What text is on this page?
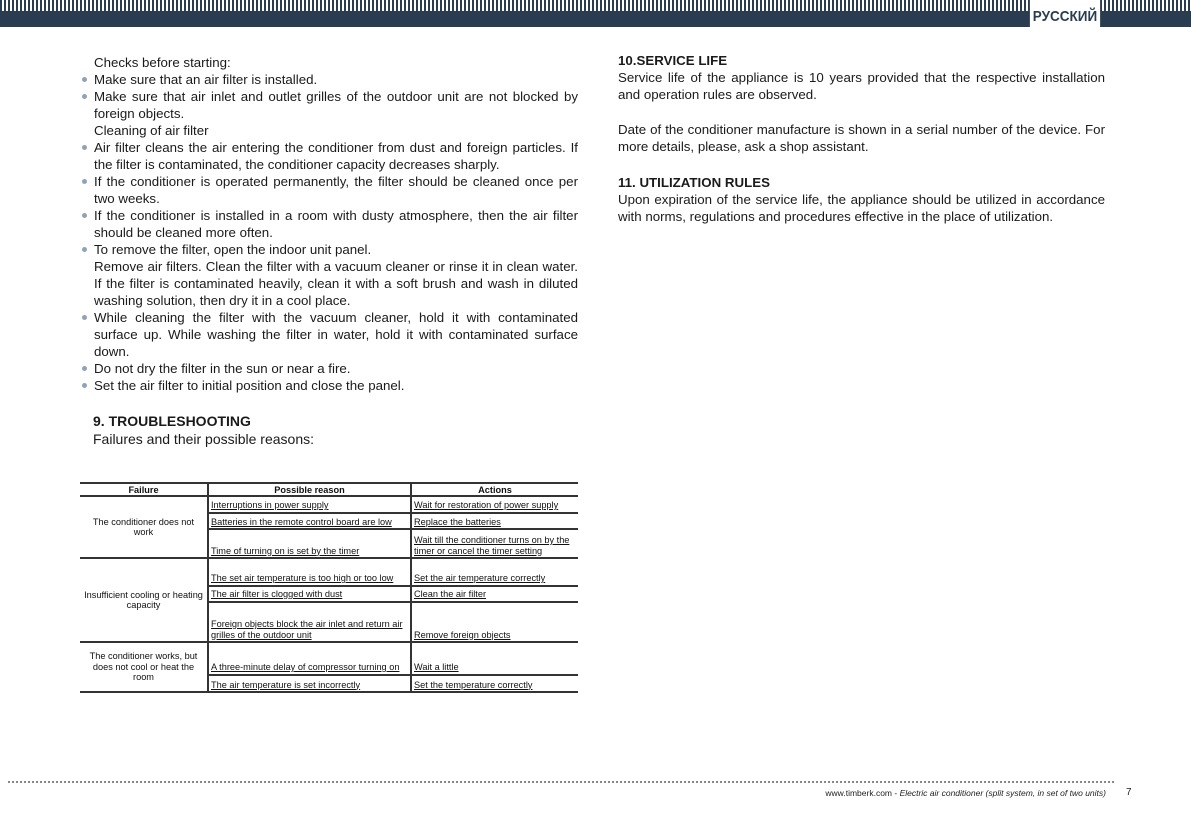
РУССКИЙ

Checks before starting:

Make sure that an air filter is installed.
Make sure that air inlet and outlet grilles of the outdoor unit are not blocked by foreign objects.

Cleaning of air filter

Air filter cleans the air entering the conditioner from dust and foreign particles. If the filter is contaminated, the conditioner capacity decreases sharply.
If the conditioner is operated permanently, the filter should be cleaned once per two weeks.
If the conditioner is installed in a room with dusty atmosphere, then the air filter should be cleaned more often.
To remove the filter, open the indoor unit panel.

Remove air filters. Clean the filter with a vacuum cleaner or rinse it in clean water. If the filter is contaminated heavily, clean it with a soft brush and wash in diluted washing solution, then dry it in a cool place.

While cleaning the filter with the vacuum cleaner, hold it with contaminated surface up. While washing the filter in water, hold it with contaminated surface down.
Do not dry the filter in the sun or near a fire.
Set the air filter to initial position and close the panel.

9. TROUBLESHOOTING

Failures and their possible reasons:

Failure	Possible reason	Actions
The conditioner does not work	Interruptions in power supply	Wait for restoration of power supply
	Batteries in the remote control board are low	Replace the batteries
	Time of turning on is set by the timer	Wait till the conditioner turns on by the timer or cancel the timer setting
Insufficient cooling or heating capacity	The set air temperature is too high or too low	Set the air temperature correctly
	The air filter is clogged with dust	Clean the air filter
	Foreign objects block the air inlet and return air grilles of the outdoor unit	Remove foreign objects
The conditioner works, but does not cool or heat the room	A three-minute delay of compressor turning on	Wait a little
	The air temperature is set incorrectly	Set the temperature correctly

10.SERVICE LIFE

Service life of the appliance is 10 years provided that the respective installation and operation rules are observed.

Date of the conditioner manufacture is shown in a serial number of the device. For more details, please, ask a shop assistant.

11. UTILIZATION RULES

Upon expiration of the service life, the appliance should be utilized in accordance with norms, regulations and procedures effective in the place of utilization.

www.timberk.com - Electric air conditioner (split system, in set of two units) 7
